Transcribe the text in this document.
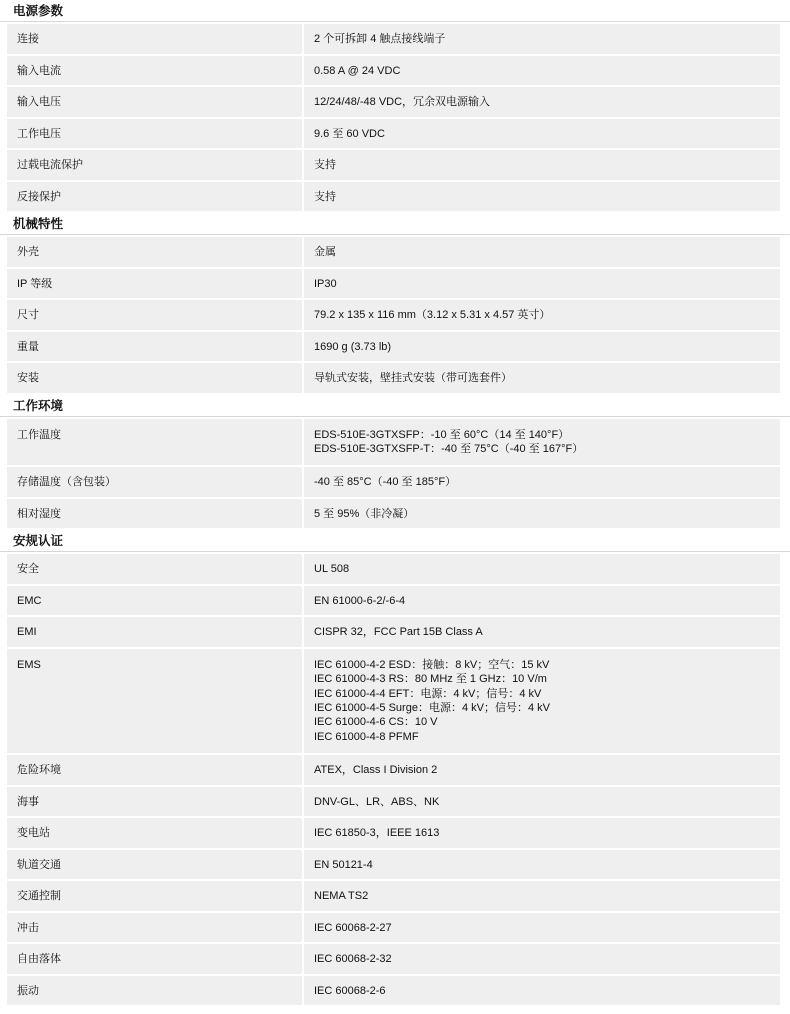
电源参数
连接	2 个可拆卸 4 触点接线端子
输入电流	0.58 A @ 24 VDC
输入电压	12/24/48/-48 VDC，冗余双电源输入
工作电压	9.6 至 60 VDC
过载电流保护	支持
反接保护	支持
机械特性
外壳	金属
IP 等级	IP30
尺寸	79.2 x 135 x 116 mm（3.12 x 5.31 x 4.57 英寸）
重量	1690 g (3.73 lb)
安装	导轨式安装，壁挂式安装（带可选套件）
工作环境
工作温度	EDS-510E-3GTXSFP：-10 至 60°C（14 至 140°F）
EDS-510E-3GTXSFP-T：-40 至 75°C（-40 至 167°F）
存储温度（含包装）	-40 至 85°C（-40 至 185°F）
相对湿度	5 至 95%（非冷凝）
安规认证
安全	UL 508
EMC	EN 61000-6-2/-6-4
EMI	CISPR 32，FCC Part 15B Class A
EMS	IEC 61000-4-2 ESD：接触：8 kV；空气：15 kV
IEC 61000-4-3 RS：80 MHz 至 1 GHz：10 V/m
IEC 61000-4-4 EFT：电源：4 kV；信号：4 kV
IEC 61000-4-5 Surge：电源：4 kV；信号：4 kV
IEC 61000-4-6 CS：10 V
IEC 61000-4-8 PFMF
危险环境	ATEX，Class I Division 2
海事	DNV-GL、LR、ABS、NK
变电站	IEC 61850-3，IEEE 1613
轨道交通	EN 50121-4
交通控制	NEMA TS2
冲击	IEC 60068-2-27
自由落体	IEC 60068-2-32
振动	IEC 60068-2-6
